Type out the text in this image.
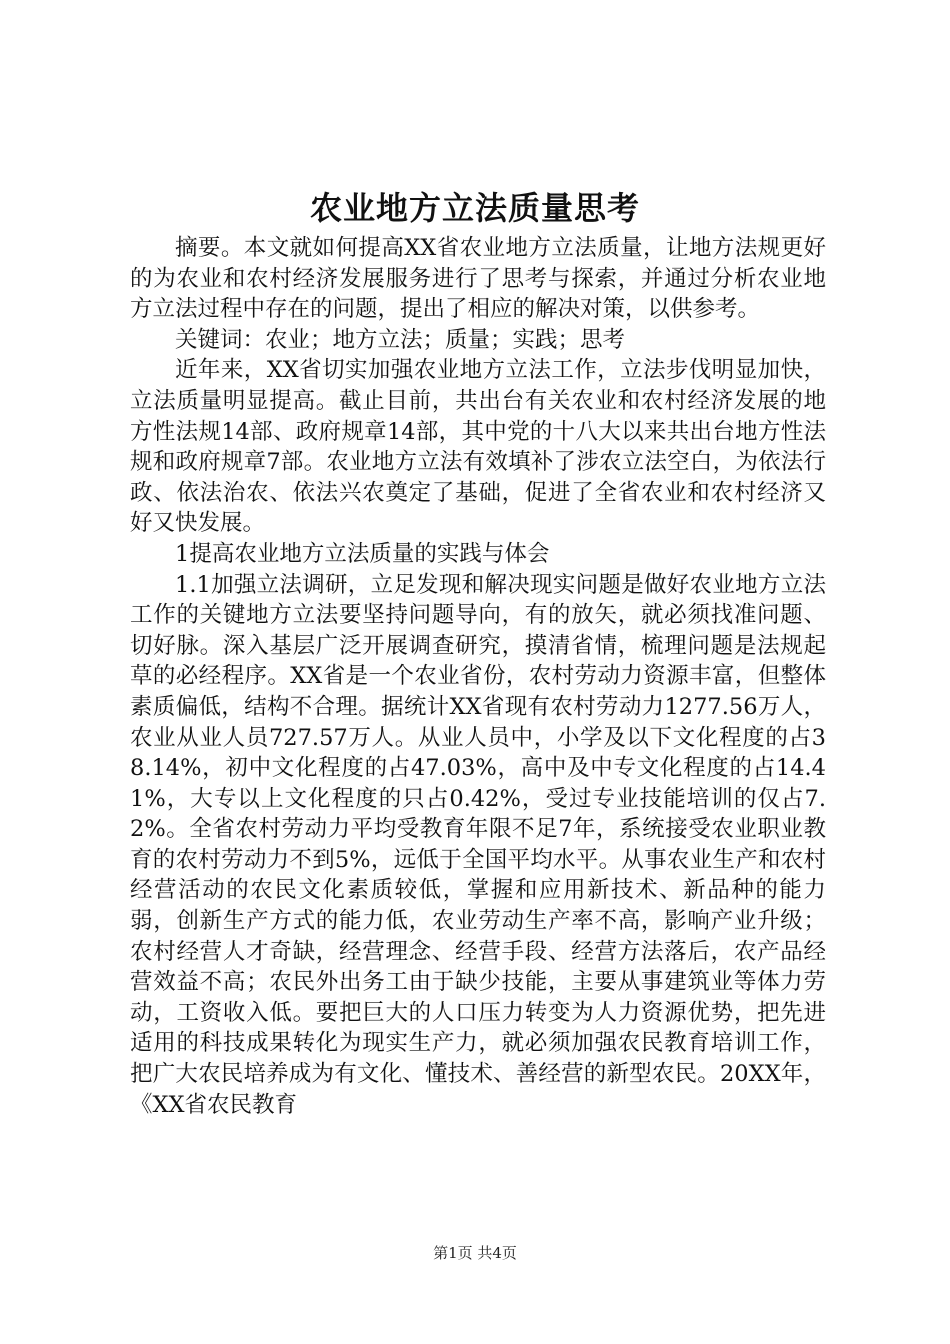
农业地方立法质量思考

摘要。本文就如何提高XX省农业地方立法质量，让地方法规更好的为农业和农村经济发展服务进行了思考与探索，并通过分析农业地方立法过程中存在的问题，提出了相应的解决对策，以供参考。

关键词：农业；地方立法；质量；实践；思考

近年来，XX省切实加强农业地方立法工作，立法步伐明显加快，立法质量明显提高。截止目前，共出台有关农业和农村经济发展的地方性法规14部、政府规章14部，其中党的十八大以来共出台地方性法规和政府规章7部。农业地方立法有效填补了涉农立法空白，为依法行政、依法治农、依法兴农奠定了基础，促进了全省农业和农村经济又好又快发展。

1提高农业地方立法质量的实践与体会

1.1加强立法调研，立足发现和解决现实问题是做好农业地方立法工作的关键地方立法要坚持问题导向，有的放矢，就必须找准问题、切好脉。深入基层广泛开展调查研究，摸清省情，梳理问题是法规起草的必经程序。XX省是一个农业省份，农村劳动力资源丰富，但整体素质偏低，结构不合理。据统计XX省现有农村劳动力1277.56万人，农业从业人员727.57万人。从业人员中，小学及以下文化程度的占38.14%，初中文化程度的占47.03%，高中及中专文化程度的占14.41%，大专以上文化程度的只占0.42%，受过专业技能培训的仅占7.2%。全省农村劳动力平均受教育年限不足7年，系统接受农业职业教育的农村劳动力不到5%，远低于全国平均水平。从事农业生产和农村经营活动的农民文化素质较低，掌握和应用新技术、新品种的能力弱，创新生产方式的能力低，农业劳动生产率不高，影响产业升级；农村经营人才奇缺，经营理念、经营手段、经营方法落后，农产品经营效益不高；农民外出务工由于缺少技能，主要从事建筑业等体力劳动，工资收入低。要把巨大的人口压力转变为人力资源优势，把先进适用的科技成果转化为现实生产力，就必须加强农民教育培训工作，把广大农民培养成为有文化、懂技术、善经营的新型农民。20XX年，《XX省农民教育

第1页 共4页
